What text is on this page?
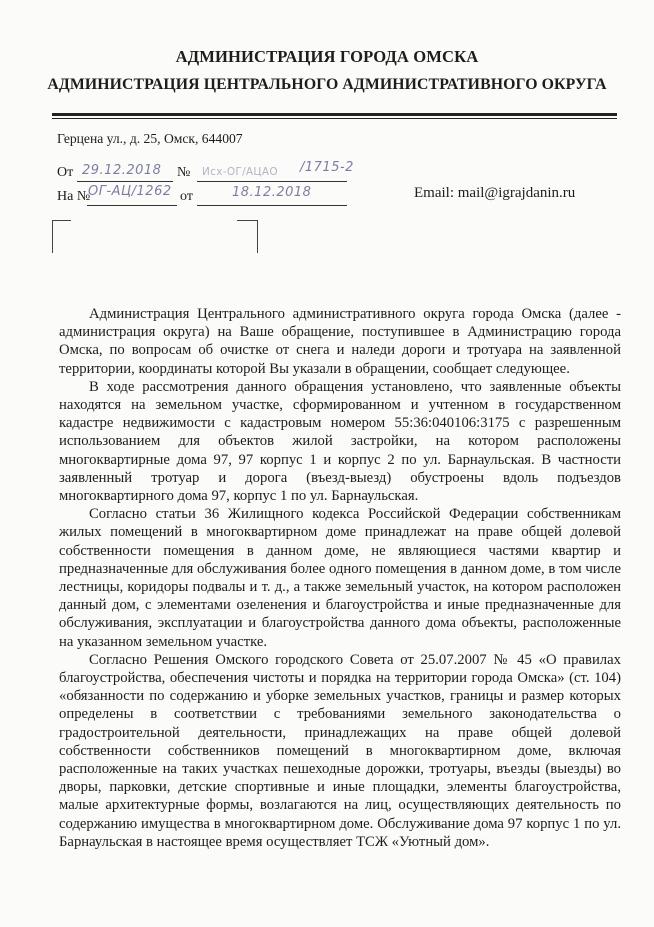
АДМИНИСТРАЦИЯ ГОРОДА ОМСКА
АДМИНИСТРАЦИЯ ЦЕНТРАЛЬНОГО АДМИНИСТРАТИВНОГО ОКРУГА
Герцена ул., д. 25, Омск, 644007
От 29.12.2018 № Исх-ОГ/АЦАО /1715-2
На №
ОГ-АЦ/1262 от	18.12.2018	Email: mail@igrajdanin.ru

Администрация Центрального административного округа города Омска (далее - администрация округа) на Ваше обращение, поступившее в Администрацию города Омска, по вопросам об очистке от снега и наледи дороги и тротуара на заявленной территории, координаты которой Вы указали в обращении, сообщает следующее.

В ходе рассмотрения данного обращения установлено, что заявленные объекты находятся на земельном участке, сформированном и учтенном в государственном кадастре недвижимости с кадастровым номером 55:36:040106:3175 с разрешенным использованием для объектов жилой застройки, на котором расположены многоквартирные дома 97, 97 корпус 1 и корпус 2 по ул. Барнаульская. В частности заявленный тротуар и дорога (въезд-выезд) обустроены вдоль подъездов многоквартирного дома 97, корпус 1 по ул. Барнаульская.

Согласно статьи 36 Жилищного кодекса Российской Федерации собственникам жилых помещений в многоквартирном доме принадлежат на праве общей долевой собственности помещения в данном доме, не являющиеся частями квартир и предназначенные для обслуживания более одного помещения в данном доме, в том числе лестницы, коридоры подвалы и т. д., а также земельный участок, на котором расположен данный дом, с элементами озеленения и благоустройства и иные предназначенные для обслуживания, эксплуатации и благоустройства данного дома объекты, расположенные на указанном земельном участке.

Согласно Решения Омского городского Совета от 25.07.2007 № 45 «О правилах благоустройства, обеспечения чистоты и порядка на территории города Омска» (ст. 104) «обязанности по содержанию и уборке земельных участков, границы и размер которых определены в соответствии с требованиями земельного законодательства о градостроительной деятельности, принадлежащих на праве общей долевой собственности собственников помещений в многоквартирном доме, включая расположенные на таких участках пешеходные дорожки, тротуары, въезды (выезды) во дворы, парковки, детские спортивные и иные площадки, элементы благоустройства, малые архитектурные формы, возлагаются на лиц, осуществляющих деятельность по содержанию имущества в многоквартирном доме. Обслуживание дома 97 корпус 1 по ул. Барнаульская в настоящее время осуществляет ТСЖ «Уютный дом».
